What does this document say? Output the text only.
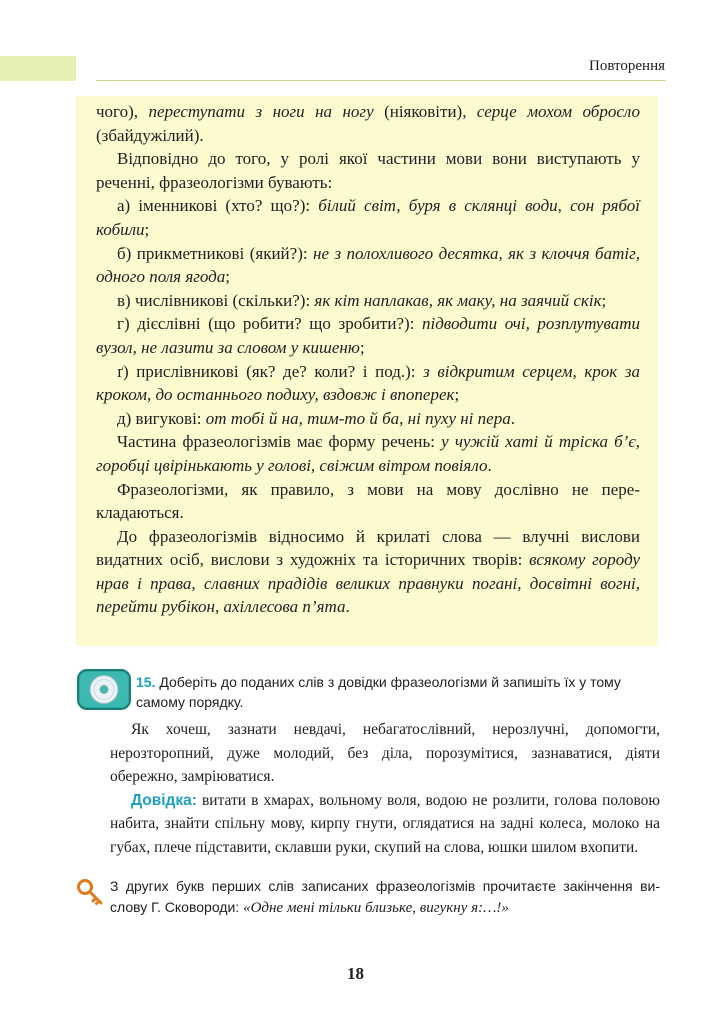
Повторення

чого), переступати з ноги на ногу (ніяковіти), серце мохом обросло (збайдужілий).

Відповідно до того, у ролі якої частини мови вони виступають у реченні, фразеологізми бувають:

а) іменникові (хто? що?): білий світ, буря в склянці води, сон рябої кобили;

б) прикметникові (який?): не з полохливого десятка, як з клоччя батіг, одного поля ягода;

в) числівникові (скільки?): як кіт наплакав, як маку, на заячий скік;

г) дієслівні (що робити? що зробити?): підводити очі, розплутувати вузол, не лазити за словом у кишеню;

ґ) прислівникові (як? де? коли? і под.): з відкритим серцем, крок за кроком, до останнього подиху, вздовж і впоперек;

д) вигукові: от тобі й на, тим-то й ба, ні пуху ні пера.

Частина фразеологізмів має форму речень: у чужій хаті й тріска б’є, горобці цвірінькають у голові, свіжим вітром повіяло.

Фразеологізми, як правило, з мови на мову дослівно не перекладаються.

До фразеологізмів відносимо й крилаті слова — влучні вислови видатних осіб, вислови з художніх та історичних творів: всякому городу нрав і права, славних прадідів великих правнуки погані, досвітні вогні, перейти рубікон, ахіллесова п’ята.

15. Доберіть до поданих слів з довідки фразеологізми й запишіть їх у тому самому порядку.

Як хочеш, зазнати невдачі, небагатослівний, нерозлучні, допомогти, нерозторопний, дуже молодий, без діла, порозумітися, зазнаватися, діяти обережно, замріюватися.

Довідка: витати в хмарах, вольному воля, водою не розлити, голова половою набита, знайти спільну мову, кирпу гнути, оглядатися на задні колеса, молоко на губах, плече підставити, склавши руки, скупий на слова, юшки шилом вхопити.

З других букв перших слів записаних фразеологізмів прочитаєте закінчення вислову Г. Сковороди: «Одне мені тільки близьке, вигукну я:…!»
18
